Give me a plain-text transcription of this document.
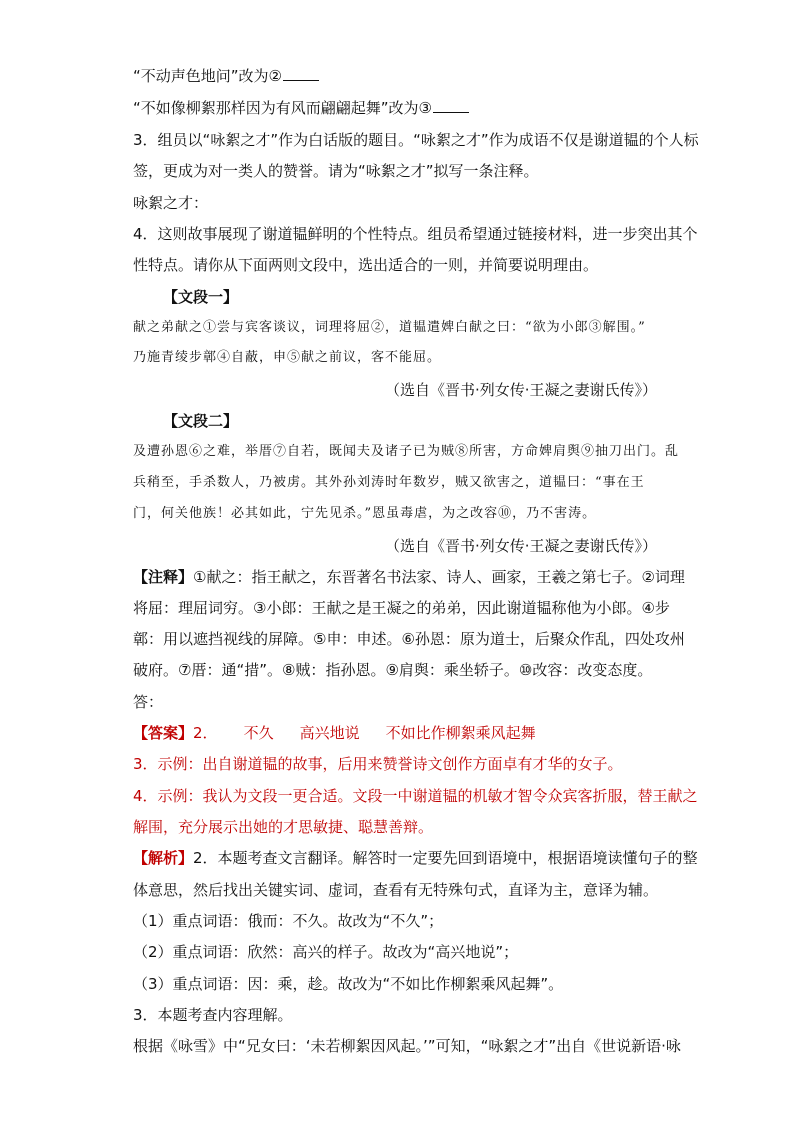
“不动声色地问”改为②
“不如像柳絮那样因为有风而翩翩起舞”改为③
3．组员以“咏絮之才”作为白话版的题目。“咏絮之才”作为成语不仅是谢道韫的个人标
签，更成为对一类人的赞誉。请为“咏絮之才”拟写一条注释。
咏絮之才：
4．这则故事展现了谢道韫鲜明的个性特点。组员希望通过链接材料，进一步突出其个
性特点。请你从下面两则文段中，选出适合的一则，并简要说明理由。
【文段一】
献之弟献之①尝与宾客谈议，词理将屈②，道韫遣婢白献之曰：“欲为小郎③解围。”
乃施青绫步鄣④自蔽，申⑤献之前议，客不能屈。
（选自《晋书·列女传·王凝之妻谢氏传》）
【文段二】
及遭孙恩⑥之难，举厝⑦自若，既闻夫及诸子已为贼⑧所害，方命婢肩舆⑨抽刀出门。乱
兵稍至，手杀数人，乃被虏。其外孙刘涛时年数岁，贼又欲害之，道韫曰：“事在王
门，何关他族！必其如此，宁先见杀。”恩虽毒虐，为之改容⑩，乃不害涛。
（选自《晋书·列女传·王凝之妻谢氏传》）
【注释】①献之：指王献之，东晋著名书法家、诗人、画家，王羲之第七子。②词理
将屈：理屈词穷。③小郎：王献之是王凝之的弟弟，因此谢道韫称他为小郎。④步
鄣：用以遮挡视线的屏障。⑤申：申述。⑥孙恩：原为道士，后聚众作乱，四处攻州
破府。⑦厝：通“措”。⑧贼：指孙恩。⑨肩舆：乘坐轿子。⑩改容：改变态度。
答：
【答案】2． 不久 高兴地说 不如比作柳絮乘风起舞
3．示例：出自谢道韫的故事，后用来赞誉诗文创作方面卓有才华的女子。
4．示例：我认为文段一更合适。文段一中谢道韫的机敏才智令众宾客折服，替王献之
解围，充分展示出她的才思敏捷、聪慧善辩。
【解析】2．本题考查文言翻译。解答时一定要先回到语境中，根据语境读懂句子的整
体意思，然后找出关键实词、虚词，查看有无特殊句式，直译为主，意译为辅。
（1）重点词语：俄而：不久。故改为“不久”；
（2）重点词语：欣然：高兴的样子。故改为“高兴地说”；
（3）重点词语：因：乘，趁。故改为“不如比作柳絮乘风起舞”。
3．本题考查内容理解。
根据《咏雪》中“兄女曰：‘未若柳絮因风起。’”可知，“咏絮之才”出自《世说新语·咏
